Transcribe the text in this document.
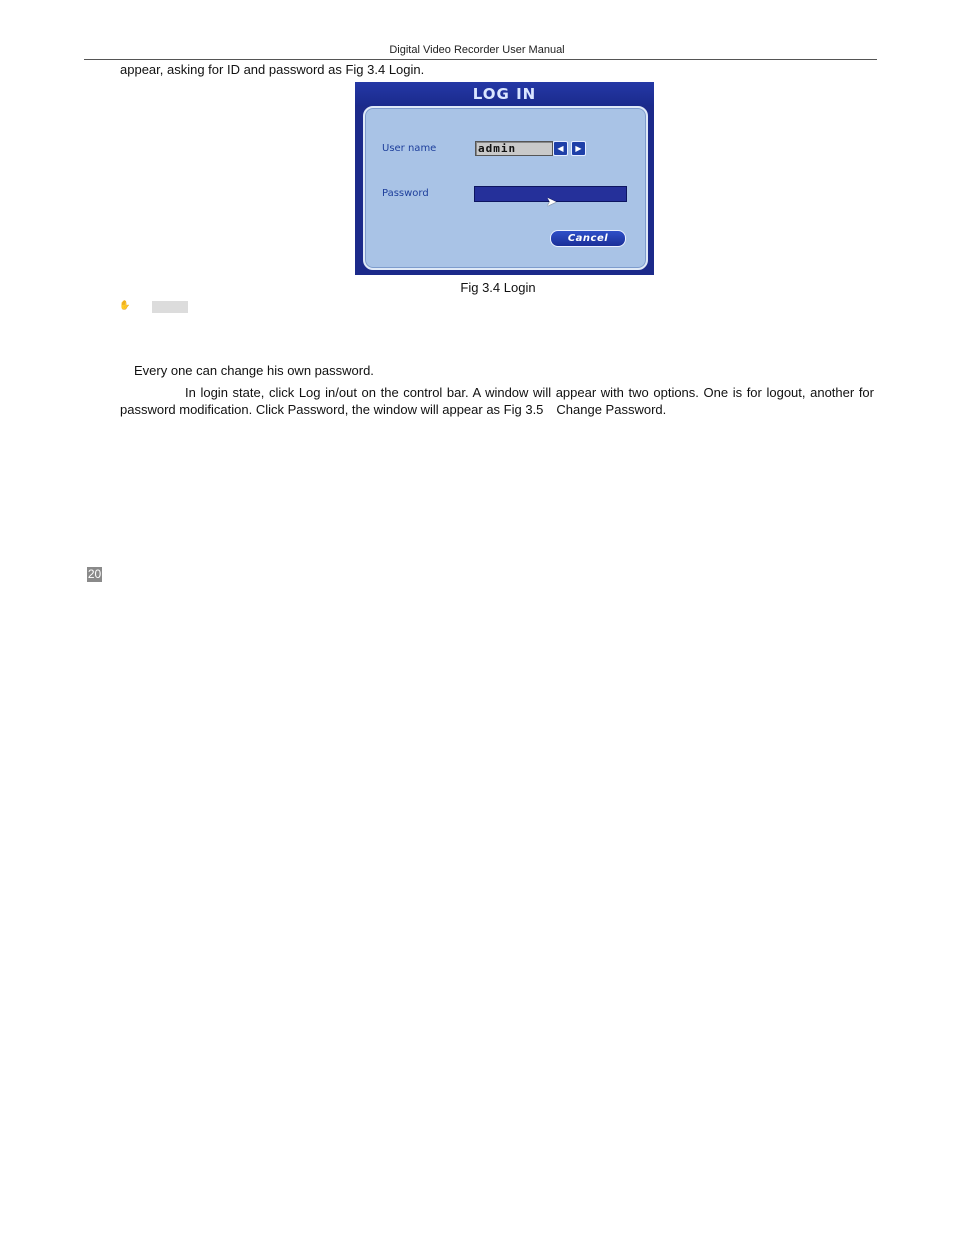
Digital Video Recorder User Manual
appear, asking for ID and password as Fig 3.4 Login.
LOG IN
User name	admin	◀	▶
Password
➤
Cancel
Fig 3.4 Login
✋
Every one can change his own password.
In login state, click Log in/out on the control bar. A window will appear with two options. One is for logout, another for password modification. Click Password, the window will appear as Fig 3.5　Change Password.
20
